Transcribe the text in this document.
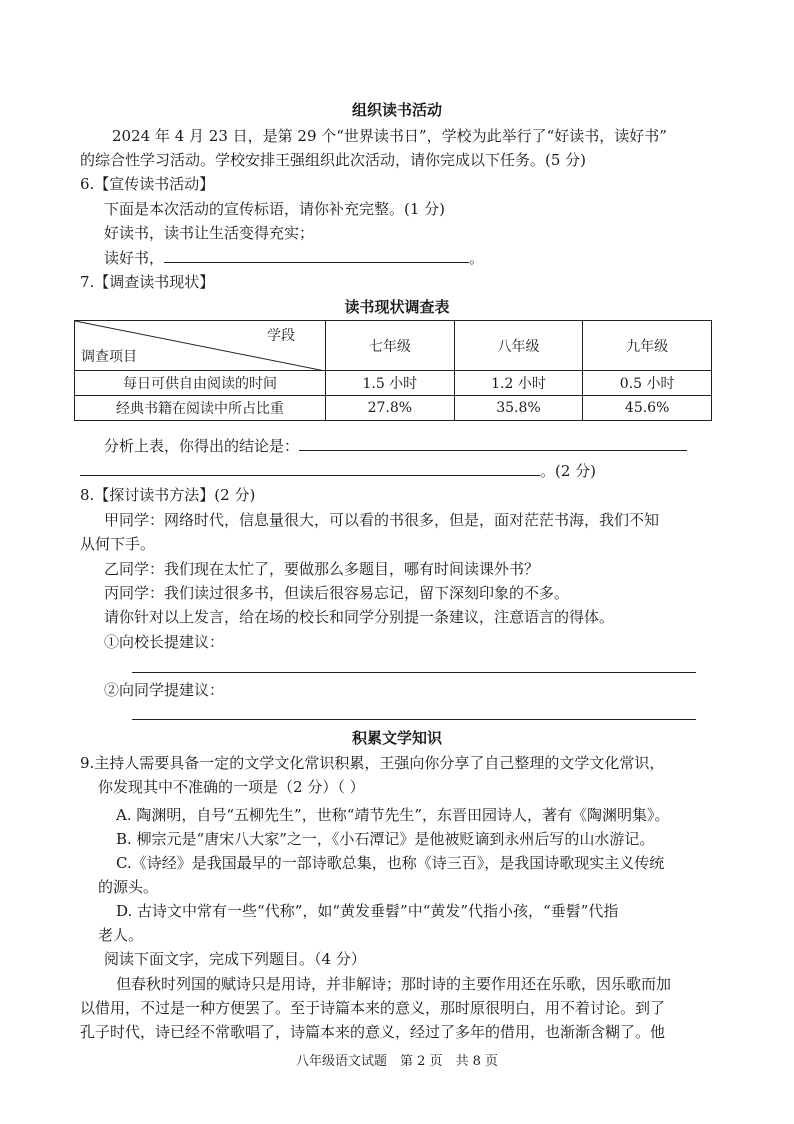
组织读书活动
2024 年 4 月 23 日，是第 29 个“世界读书日”，学校为此举行了“好读书，读好书”
的综合性学习活动。学校安排王强组织此次活动，请你完成以下任务。(5 分)
6.【宣传读书活动】
下面是本次活动的宣传标语，请你补充完整。(1 分)
好读书，读书让生活变得充实；
读好书，	。
7.【调查读书现状】
读书现状调查表
学段
调查项目	七年级	八年级	九年级
每日可供自由阅读的时间	1.5 小时	1.2 小时	0.5 小时
经典书籍在阅读中所占比重	27.8%	35.8%	45.6%
分析上表，你得出的结论是：
。(2 分)
8.【探讨读书方法】(2 分)
甲同学：网络时代，信息量很大，可以看的书很多，但是，面对茫茫书海，我们不知
从何下手。
乙同学：我们现在太忙了，要做那么多题目，哪有时间读课外书？
丙同学：我们读过很多书，但读后很容易忘记，留下深刻印象的不多。
请你针对以上发言，给在场的校长和同学分别提一条建议，注意语言的得体。
①向校长提建议：
②向同学提建议：
积累文学知识
9.主持人需要具备一定的文学文化常识积累，王强向你分享了自己整理的文学文化常识，
你发现其中不准确的一项是（2 分）（ ）
A. 陶渊明，自号“五柳先生”，世称“靖节先生”，东晋田园诗人，著有《陶渊明集》。
B. 柳宗元是“唐宋八大家”之一，《小石潭记》是他被贬谪到永州后写的山水游记。
C.《诗经》是我国最早的一部诗歌总集，也称《诗三百》，是我国诗歌现实主义传统
的源头。
D. 古诗文中常有一些“代称”，如“黄发垂髫”中“黄发”代指小孩，“垂髫”代指
老人。
阅读下面文字，完成下列题目。（4 分）
但春秋时列国的赋诗只是用诗，并非解诗；那时诗的主要作用还在乐歌，因乐歌而加
以借用，不过是一种方便罢了。至于诗篇本来的意义，那时原很明白，用不着讨论。到了
孔子时代，诗已经不常歌唱了，诗篇本来的意义，经过了多年的借用，也渐渐含糊了。他
八年级语文试题　第 2 页　共 8 页
